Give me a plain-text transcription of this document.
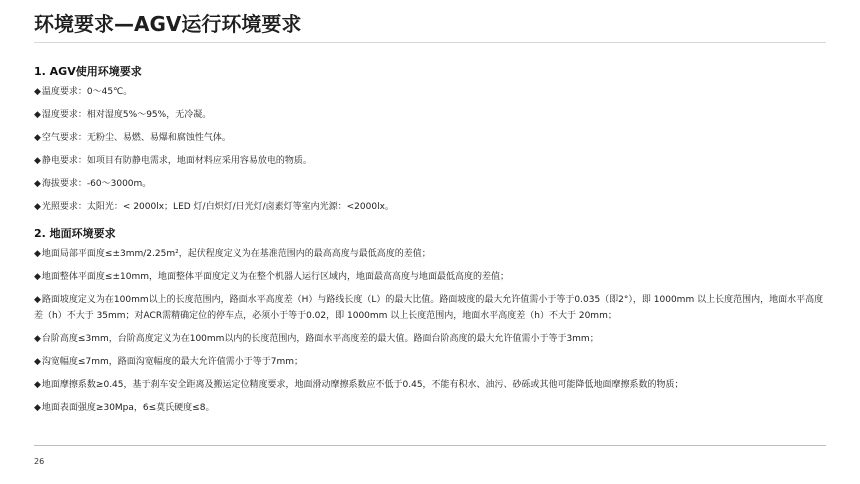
环境要求—AGV运行环境要求
1. AGV使用环境要求
◆温度要求：0～45℃。
◆湿度要求：相对湿度5%～95%，无冷凝。
◆空气要求：无粉尘、易燃、易爆和腐蚀性气体。
◆静电要求：如项目有防静电需求，地面材料应采用容易放电的物质。
◆海拔要求：-60～3000m。
◆光照要求：太阳光：< 2000lx；LED 灯/白炽灯/日光灯/卤素灯等室内光源：<2000lx。
2. 地面环境要求
◆地面局部平面度≤±3mm/2.25m²，起伏程度定义为在基准范围内的最高高度与最低高度的差值；
◆地面整体平面度≤±10mm，地面整体平面度定义为在整个机器人运行区域内，地面最高高度与地面最低高度的差值；
◆路面坡度定义为在100mm以上的长度范围内，路面水平高度差（H）与路线长度（L）的最大比值。路面坡度的最大允许值需小于等于0.035（即2°），即 1000mm 以上长度范围内，地面水平高度差（h）不大于 35mm；对ACR需精确定位的停车点，必须小于等于0.02，即 1000mm 以上长度范围内，地面水平高度差（h）不大于 20mm；
◆台阶高度≤3mm，台阶高度定义为在100mm以内的长度范围内，路面水平高度差的最大值。路面台阶高度的最大允许值需小于等于3mm；
◆沟宽幅度≤7mm，路面沟宽幅度的最大允许值需小于等于7mm；
◆地面摩擦系数≥0.45，基于刹车安全距离及搬运定位精度要求，地面滑动摩擦系数应不低于0.45，不能有积水、油污、砂砾或其他可能降低地面摩擦系数的物质；
◆地面表面强度≥30Mpa，6≤莫氏硬度≤8。
26
